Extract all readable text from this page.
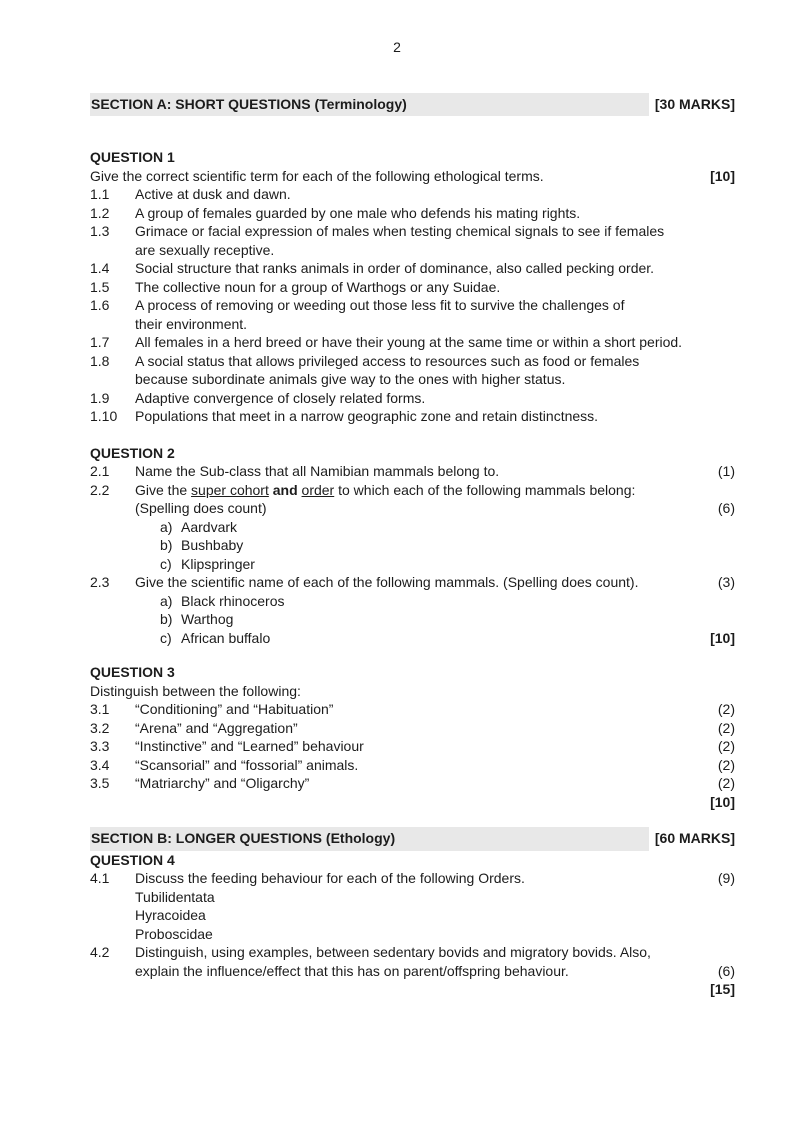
2
SECTION A: SHORT QUESTIONS (Terminology)	[30 MARKS]
QUESTION 1
Give the correct scientific term for each of the following ethological terms.	[10]
1.1	Active at dusk and dawn.
1.2	A group of females guarded by one male who defends his mating rights.
1.3	Grimace or facial expression of males when testing chemical signals to see if females are sexually receptive.
1.4	Social structure that ranks animals in order of dominance, also called pecking order.
1.5	The collective noun for a group of Warthogs or any Suidae.
1.6	A process of removing or weeding out those less fit to survive the challenges of their environment.
1.7	All females in a herd breed or have their young at the same time or within a short period.
1.8	A social status that allows privileged access to resources such as food or females because subordinate animals give way to the ones with higher status.
1.9	Adaptive convergence of closely related forms.
1.10	Populations that meet in a narrow geographic zone and retain distinctness.
QUESTION 2
2.1	Name the Sub-class that all Namibian mammals belong to.	(1)
2.2	Give the super cohort and order to which each of the following mammals belong:
(Spelling does count)	(6)
a) Aardvark
b) Bushbaby
c) Klipspringer
2.3	Give the scientific name of each of the following mammals. (Spelling does count).	(3)
a) Black rhinoceros
b) Warthog
c) African buffalo	[10]
QUESTION 3
Distinguish between the following:
3.1	“Conditioning” and “Habituation”	(2)
3.2	“Arena” and “Aggregation”	(2)
3.3	“Instinctive” and “Learned” behaviour	(2)
3.4	“Scansorial” and “fossorial” animals.	(2)
3.5	“Matriarchy” and “Oligarchy”	(2)
[10]
SECTION B: LONGER QUESTIONS (Ethology)	[60 MARKS]
QUESTION 4
4.1	Discuss the feeding behaviour for each of the following Orders.	(9)
Tubilidentata
Hyracoidea
Proboscidae
4.2	Distinguish, using examples, between sedentary bovids and migratory bovids. Also, explain the influence/effect that this has on parent/offspring behaviour.	(6)
[15]
